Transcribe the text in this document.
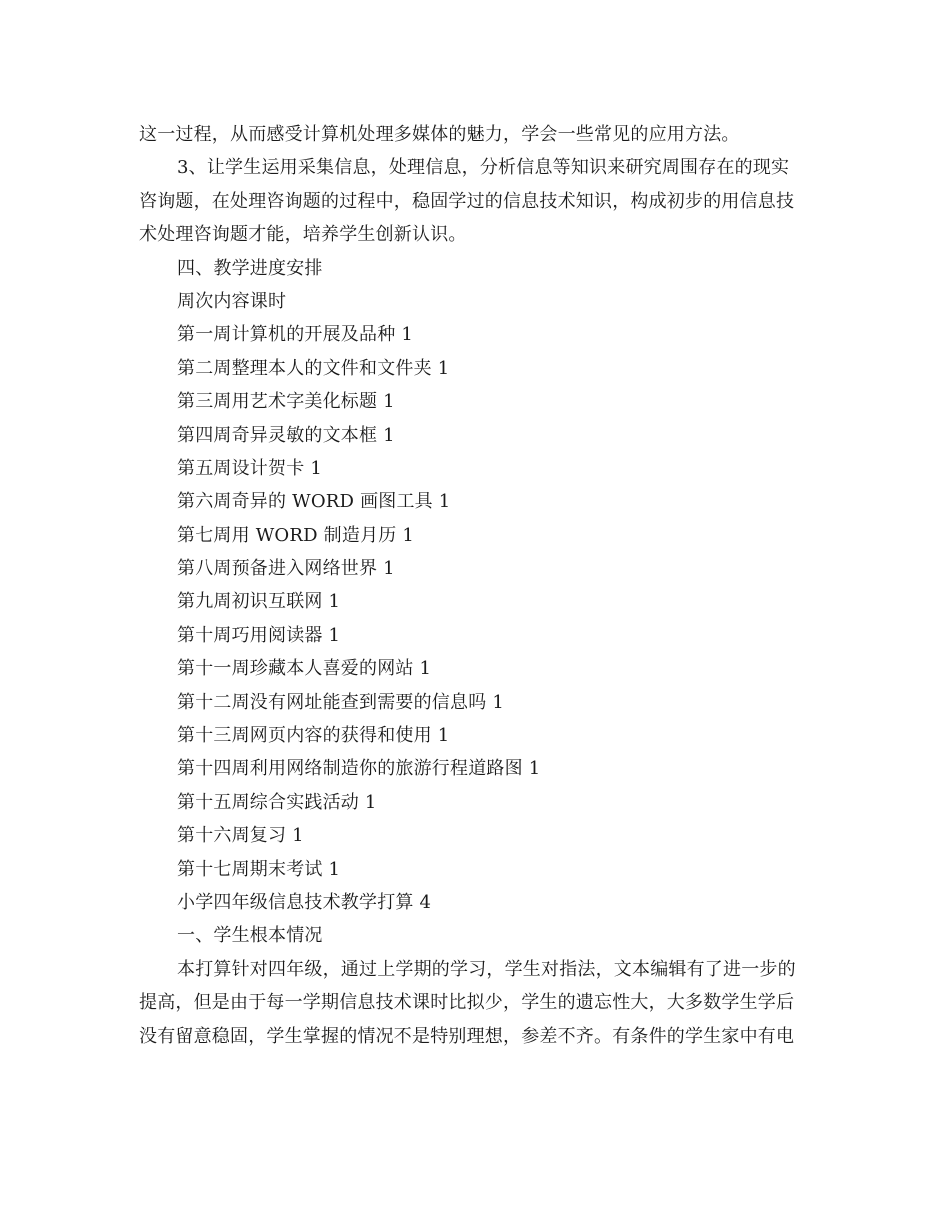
这一过程，从而感受计算机处理多媒体的魅力，学会一些常见的应用方法。
3、让学生运用采集信息，处理信息，分析信息等知识来研究周围存在的现实
咨询题，在处理咨询题的过程中，稳固学过的信息技术知识，构成初步的用信息技
术处理咨询题才能，培养学生创新认识。
四、教学进度安排
周次内容课时
第一周计算机的开展及品种 1
第二周整理本人的文件和文件夹 1
第三周用艺术字美化标题 1
第四周奇异灵敏的文本框 1
第五周设计贺卡 1
第六周奇异的 WORD 画图工具 1
第七周用 WORD 制造月历 1
第八周预备进入网络世界 1
第九周初识互联网 1
第十周巧用阅读器 1
第十一周珍藏本人喜爱的网站 1
第十二周没有网址能查到需要的信息吗 1
第十三周网页内容的获得和使用 1
第十四周利用网络制造你的旅游行程道路图 1
第十五周综合实践活动 1
第十六周复习 1
第十七周期末考试 1
小学四年级信息技术教学打算 4
一、学生根本情况
本打算针对四年级，通过上学期的学习，学生对指法，文本编辑有了进一步的
提高，但是由于每一学期信息技术课时比拟少，学生的遗忘性大，大多数学生学后
没有留意稳固，学生掌握的情况不是特别理想，参差不齐。有条件的学生家中有电
